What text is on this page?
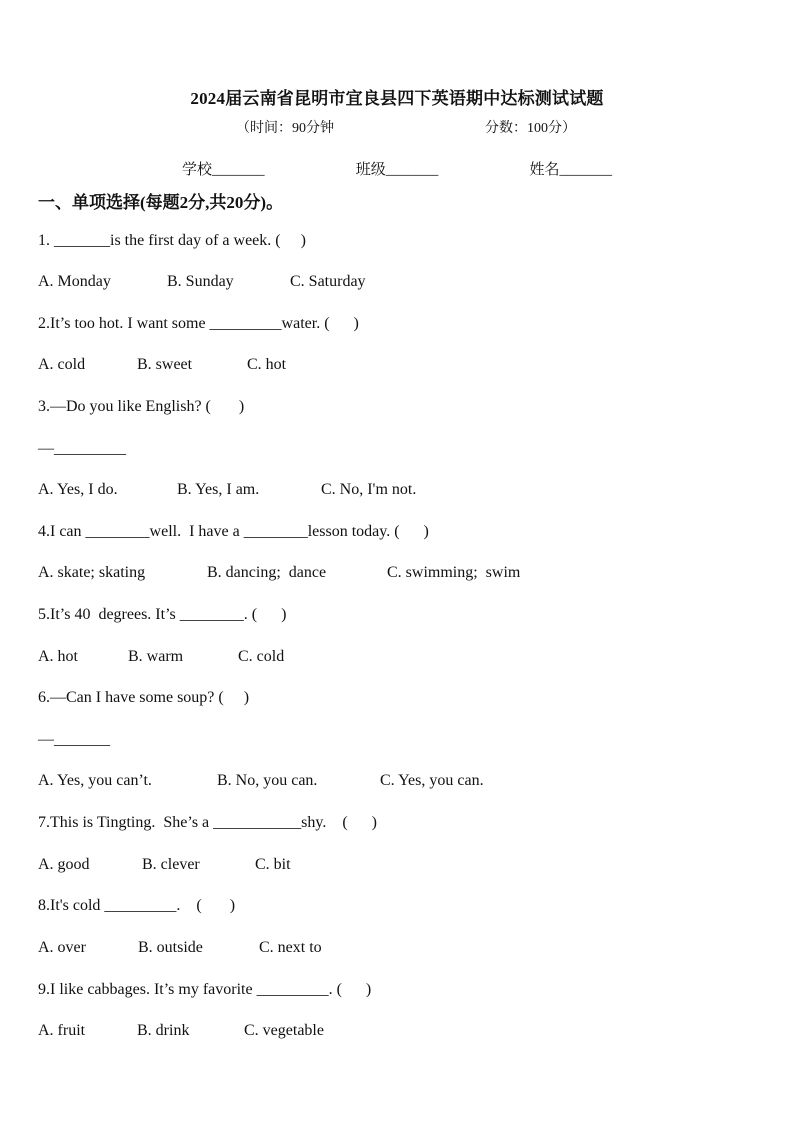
2024届云南省昆明市宜良县四下英语期中达标测试试题
（时间：90分钟	分数：100分）
学校_______	班级_______	姓名_______
一、单项选择(每题2分,共20分)。
1. _______is the first day of a week. (     )
A. Monday	B. Sunday	C. Saturday
2.It’s too hot. I want some _________water. (      )
A. cold	B. sweet	C. hot
3.—Do you like English? (       )
—_________
A. Yes, I do.	B. Yes, I am.	C. No, I'm not.
4.I can ________well.  I have a ________lesson today. (      )
A. skate; skating	B. dancing;  dance	C. swimming;  swim
5.It’s 40  degrees. It’s ________. (      )
A. hot	B. warm	C. cold
6.—Can I have some soup? (     )
—_______
A. Yes, you can’t.	B. No, you can.	C. Yes, you can.
7.This is Tingting.  She’s a ___________shy.    (      )
A. good	B. clever	C. bit
8.It's cold _________.    (       )
A. over	B. outside	C. next to
9.I like cabbages. It’s my favorite _________. (      )
A. fruit	B. drink	C. vegetable
